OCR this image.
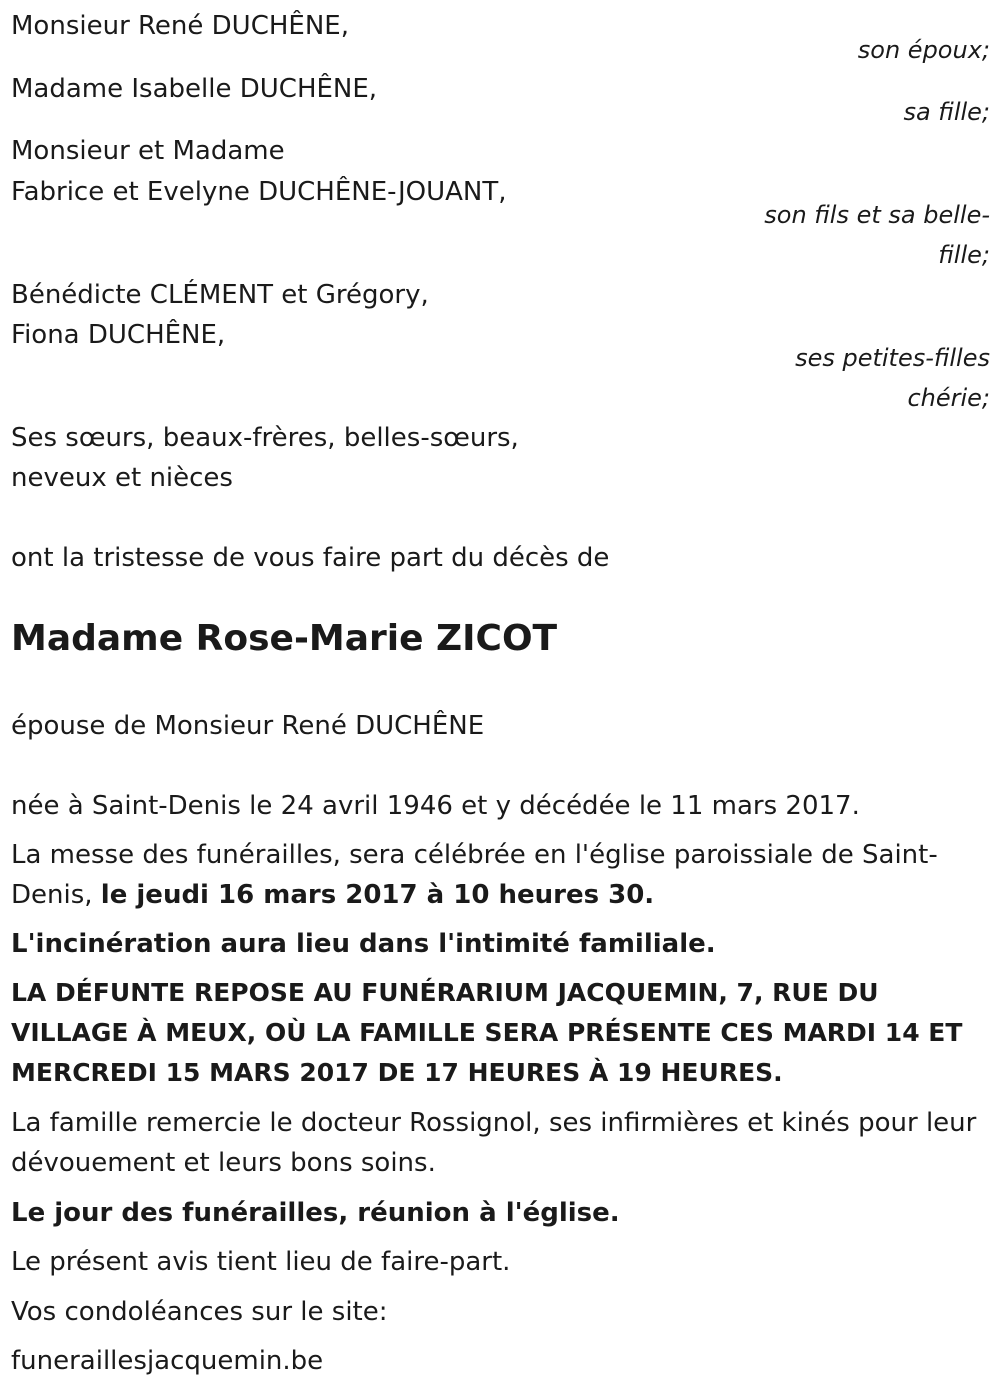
Monsieur René DUCHÊNE,
son époux;
Madame Isabelle DUCHÊNE,
sa fille;
Monsieur et Madame
Fabrice et Evelyne DUCHÊNE-JOUANT,
son fils et sa belle-
fille;
Bénédicte CLÉMENT et Grégory,
Fiona DUCHÊNE,
ses petites-filles
chérie;
Ses sœurs, beaux-frères, belles-sœurs,
neveux et nièces
ont la tristesse de vous faire part du décès de
Madame Rose-Marie ZICOT
épouse de Monsieur René DUCHÊNE
née à Saint-Denis le 24 avril 1946 et y décédée le 11 mars 2017.
La messe des funérailles, sera célébrée en l'église paroissiale de Saint-Denis, le jeudi 16 mars 2017 à 10 heures 30.
L'incinération aura lieu dans l'intimité familiale.
LA DÉFUNTE REPOSE AU FUNÉRARIUM JACQUEMIN, 7, RUE DU VILLAGE À MEUX, OÙ LA FAMILLE SERA PRÉSENTE CES MARDI 14 ET MERCREDI 15 MARS 2017 DE 17 HEURES À 19 HEURES.
La famille remercie le docteur Rossignol, ses infirmières et kinés pour leur dévouement et leurs bons soins.
Le jour des funérailles, réunion à l'église.
Le présent avis tient lieu de faire-part.
Vos condoléances sur le site:
funeraillesjacquemin.be
